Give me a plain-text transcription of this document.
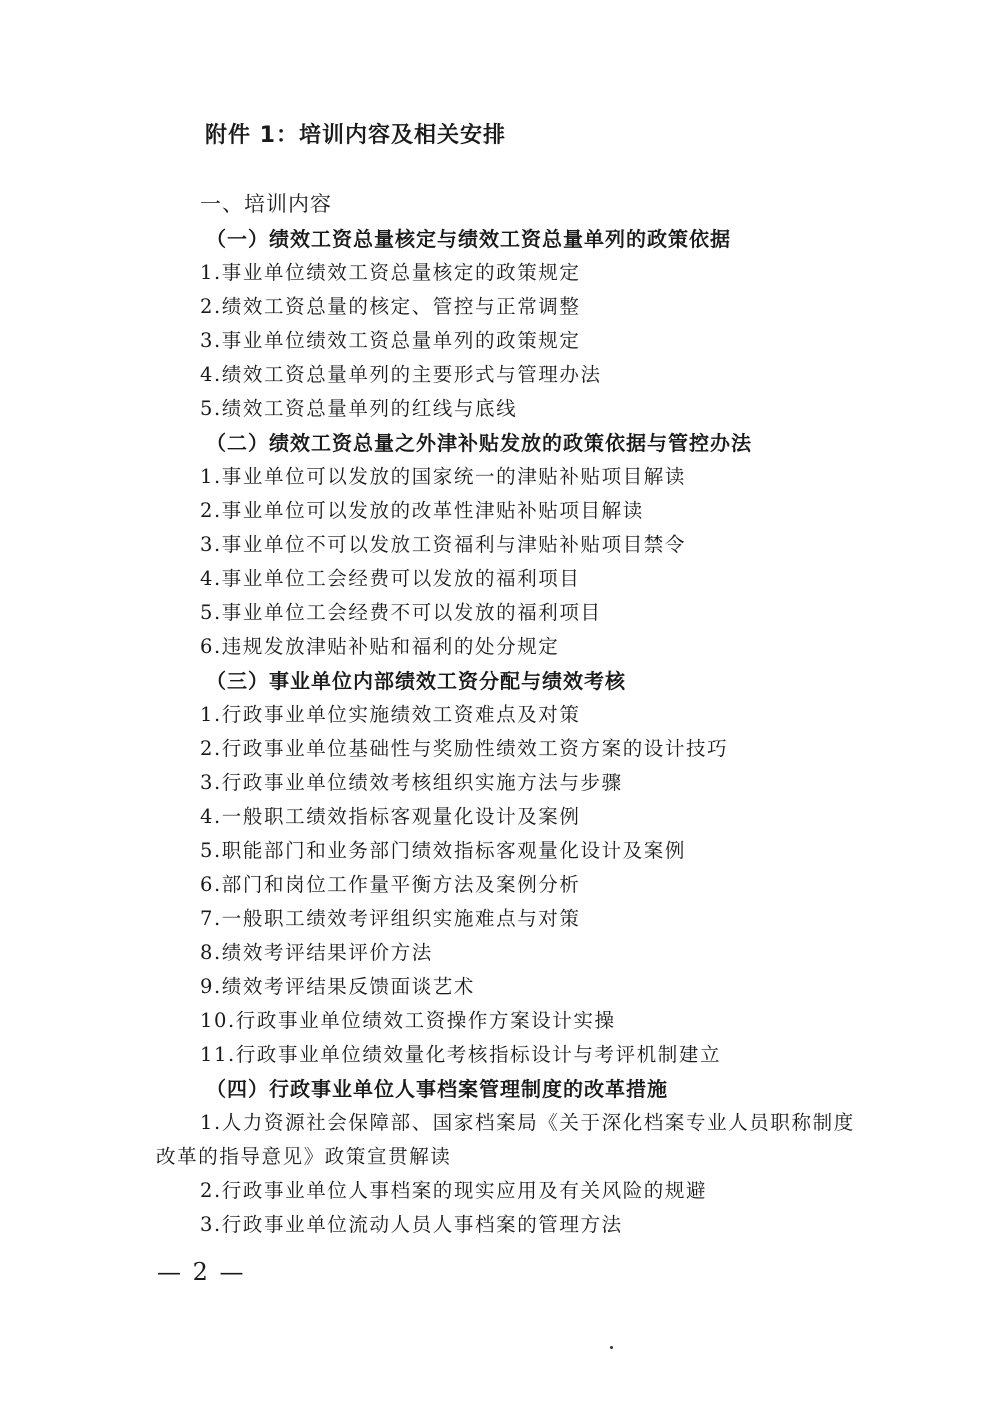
附件 1：培训内容及相关安排
一、培训内容
（一）绩效工资总量核定与绩效工资总量单列的政策依据
1.事业单位绩效工资总量核定的政策规定
2.绩效工资总量的核定、管控与正常调整
3.事业单位绩效工资总量单列的政策规定
4.绩效工资总量单列的主要形式与管理办法
5.绩效工资总量单列的红线与底线
（二）绩效工资总量之外津补贴发放的政策依据与管控办法
1.事业单位可以发放的国家统一的津贴补贴项目解读
2.事业单位可以发放的改革性津贴补贴项目解读
3.事业单位不可以发放工资福利与津贴补贴项目禁令
4.事业单位工会经费可以发放的福利项目
5.事业单位工会经费不可以发放的福利项目
6.违规发放津贴补贴和福利的处分规定
（三）事业单位内部绩效工资分配与绩效考核
1.行政事业单位实施绩效工资难点及对策
2.行政事业单位基础性与奖励性绩效工资方案的设计技巧
3.行政事业单位绩效考核组织实施方法与步骤
4.一般职工绩效指标客观量化设计及案例
5.职能部门和业务部门绩效指标客观量化设计及案例
6.部门和岗位工作量平衡方法及案例分析
7.一般职工绩效考评组织实施难点与对策
8.绩效考评结果评价方法
9.绩效考评结果反馈面谈艺术
10.行政事业单位绩效工资操作方案设计实操
11.行政事业单位绩效量化考核指标设计与考评机制建立
（四）行政事业单位人事档案管理制度的改革措施
1.人力资源社会保障部、国家档案局《关于深化档案专业人员职称制度
改革的指导意见》政策宣贯解读
2.行政事业单位人事档案的现实应用及有关风险的规避
3.行政事业单位流动人员人事档案的管理方法
— 2 —
